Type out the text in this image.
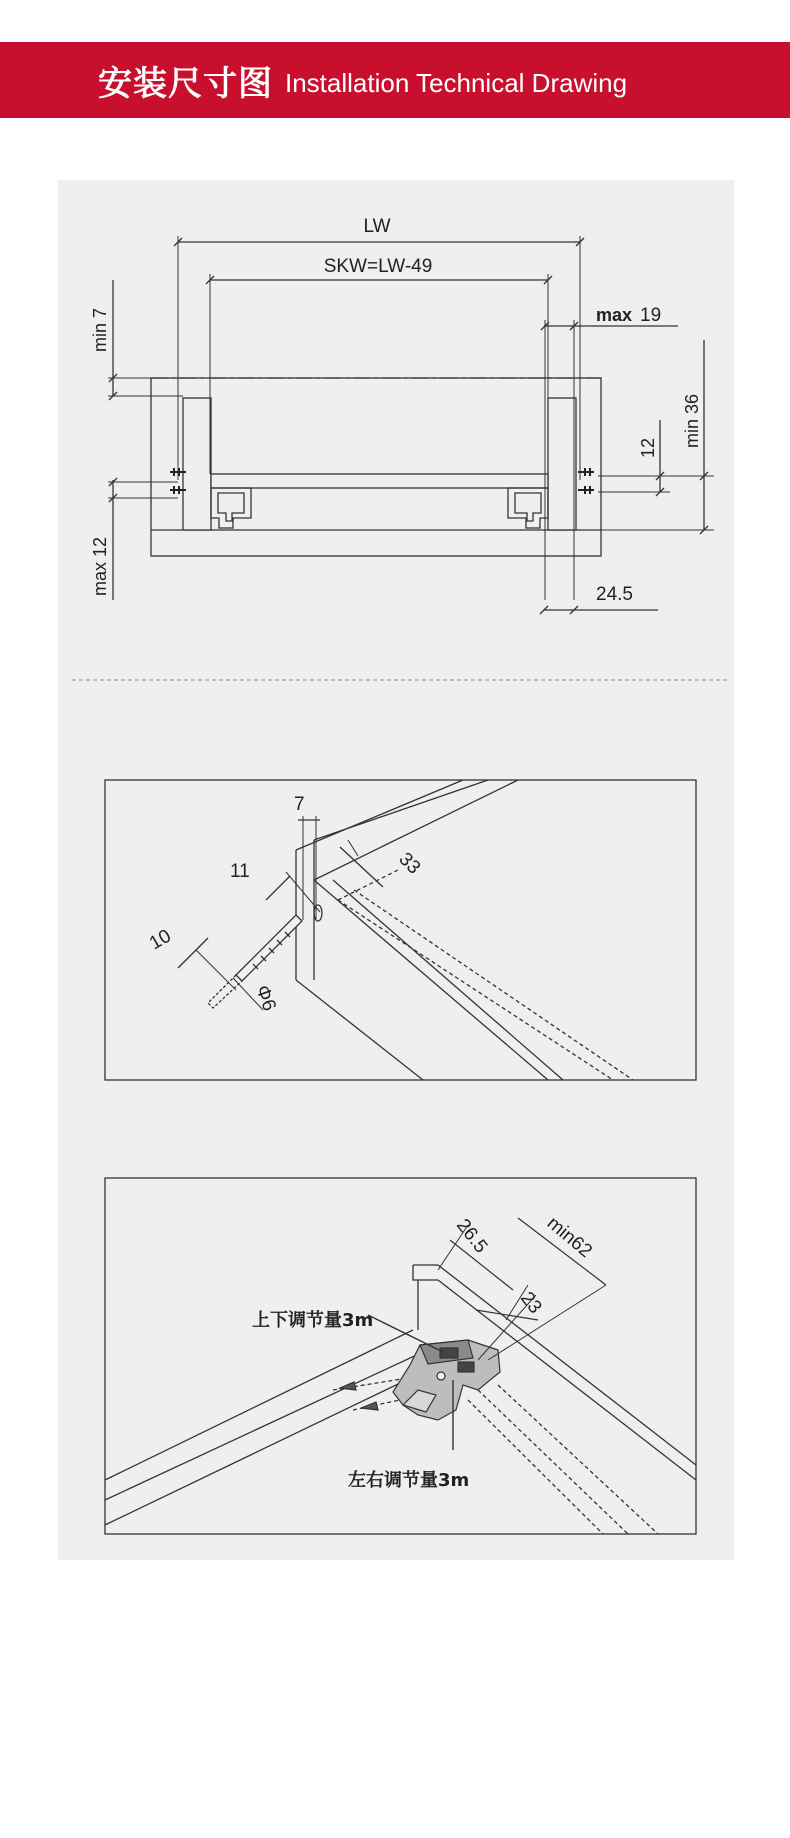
安装尺寸图 Installation Technical Drawing
LW
SKW=LW-49
max 19
min 7
max 12
12 min 36
24.5
7
11	33
10
Φ6
26.5	min62
23
上下调节量3m
左右调节量3m
